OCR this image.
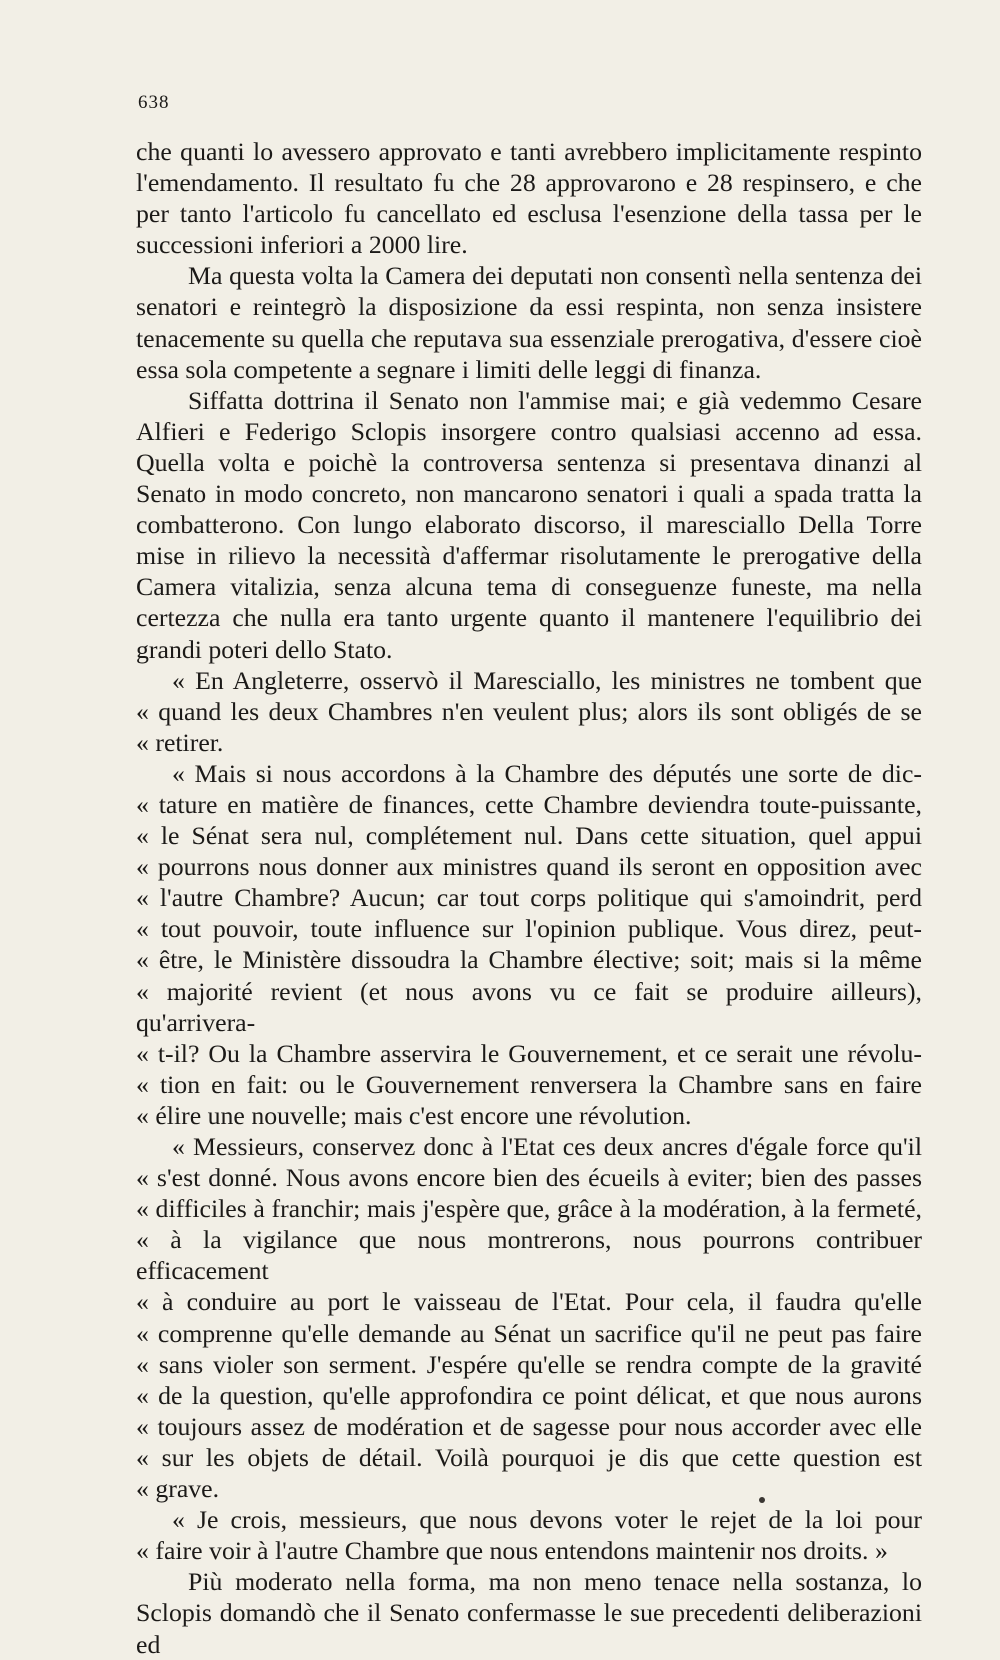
638

che quanti lo avessero approvato e tanti avrebbero implicitamente respinto l'emendamento. Il resultato fu che 28 approvarono e 28 respinsero, e che per tanto l'articolo fu cancellato ed esclusa l'esenzione della tassa per le successioni inferiori a 2000 lire.

Ma questa volta la Camera dei deputati non consentì nella sentenza dei senatori e reintegrò la disposizione da essi respinta, non senza insistere tenacemente su quella che reputava sua essenziale prerogativa, d'essere cioè essa sola competente a segnare i limiti delle leggi di finanza.

Siffatta dottrina il Senato non l'ammise mai; e già vedemmo Cesare Alfieri e Federigo Sclopis insorgere contro qualsiasi accenno ad essa. Quella volta e poichè la controversa sentenza si presentava dinanzi al Senato in modo concreto, non mancarono senatori i quali a spada tratta la combatterono. Con lungo elaborato discorso, il maresciallo Della Torre mise in rilievo la necessità d'affermar risolutamente le prerogative della Camera vitalizia, senza alcuna tema di conseguenze funeste, ma nella certezza che nulla era tanto urgente quanto il mantenere l'equilibrio dei grandi poteri dello Stato.

« En Angleterre, osservò il Maresciallo, les ministres ne tombent que
« quand les deux Chambres n'en veulent plus; alors ils sont obligés de se
« retirer.
« Mais si nous accordons à la Chambre des députés une sorte de dic-
« tature en matière de finances, cette Chambre deviendra toute-puissante,
« le Sénat sera nul, complétement nul. Dans cette situation, quel appui
« pourrons nous donner aux ministres quand ils seront en opposition avec
« l'autre Chambre? Aucun; car tout corps politique qui s'amoindrit, perd
« tout pouvoir, toute influence sur l'opinion publique. Vous direz, peut-
« être, le Ministère dissoudra la Chambre élective; soit; mais si la même
« majorité revient (et nous avons vu ce fait se produire ailleurs), qu'arrivera-
« t-il? Ou la Chambre asservira le Gouvernement, et ce serait une révolu-
« tion en fait: ou le Gouvernement renversera la Chambre sans en faire
« élire une nouvelle; mais c'est encore une révolution.
« Messieurs, conservez donc à l'Etat ces deux ancres d'égale force qu'il
« s'est donné. Nous avons encore bien des écueils à eviter; bien des passes
« difficiles à franchir; mais j'espère que, grâce à la modération, à la fermeté,
« à la vigilance que nous montrerons, nous pourrons contribuer efficacement
« à conduire au port le vaisseau de l'Etat. Pour cela, il faudra qu'elle
« comprenne qu'elle demande au Sénat un sacrifice qu'il ne peut pas faire
« sans violer son serment. J'espére qu'elle se rendra compte de la gravité
« de la question, qu'elle approfondira ce point délicat, et que nous aurons
« toujours assez de modération et de sagesse pour nous accorder avec elle
« sur les objets de détail. Voilà pourquoi je dis que cette question est
« grave.
« Je crois, messieurs, que nous devons voter le rejet de la loi pour
« faire voir à l'autre Chambre que nous entendons maintenir nos droits. »

Più moderato nella forma, ma non meno tenace nella sostanza, lo Sclopis domandò che il Senato confermasse le sue precedenti deliberazioni ed
